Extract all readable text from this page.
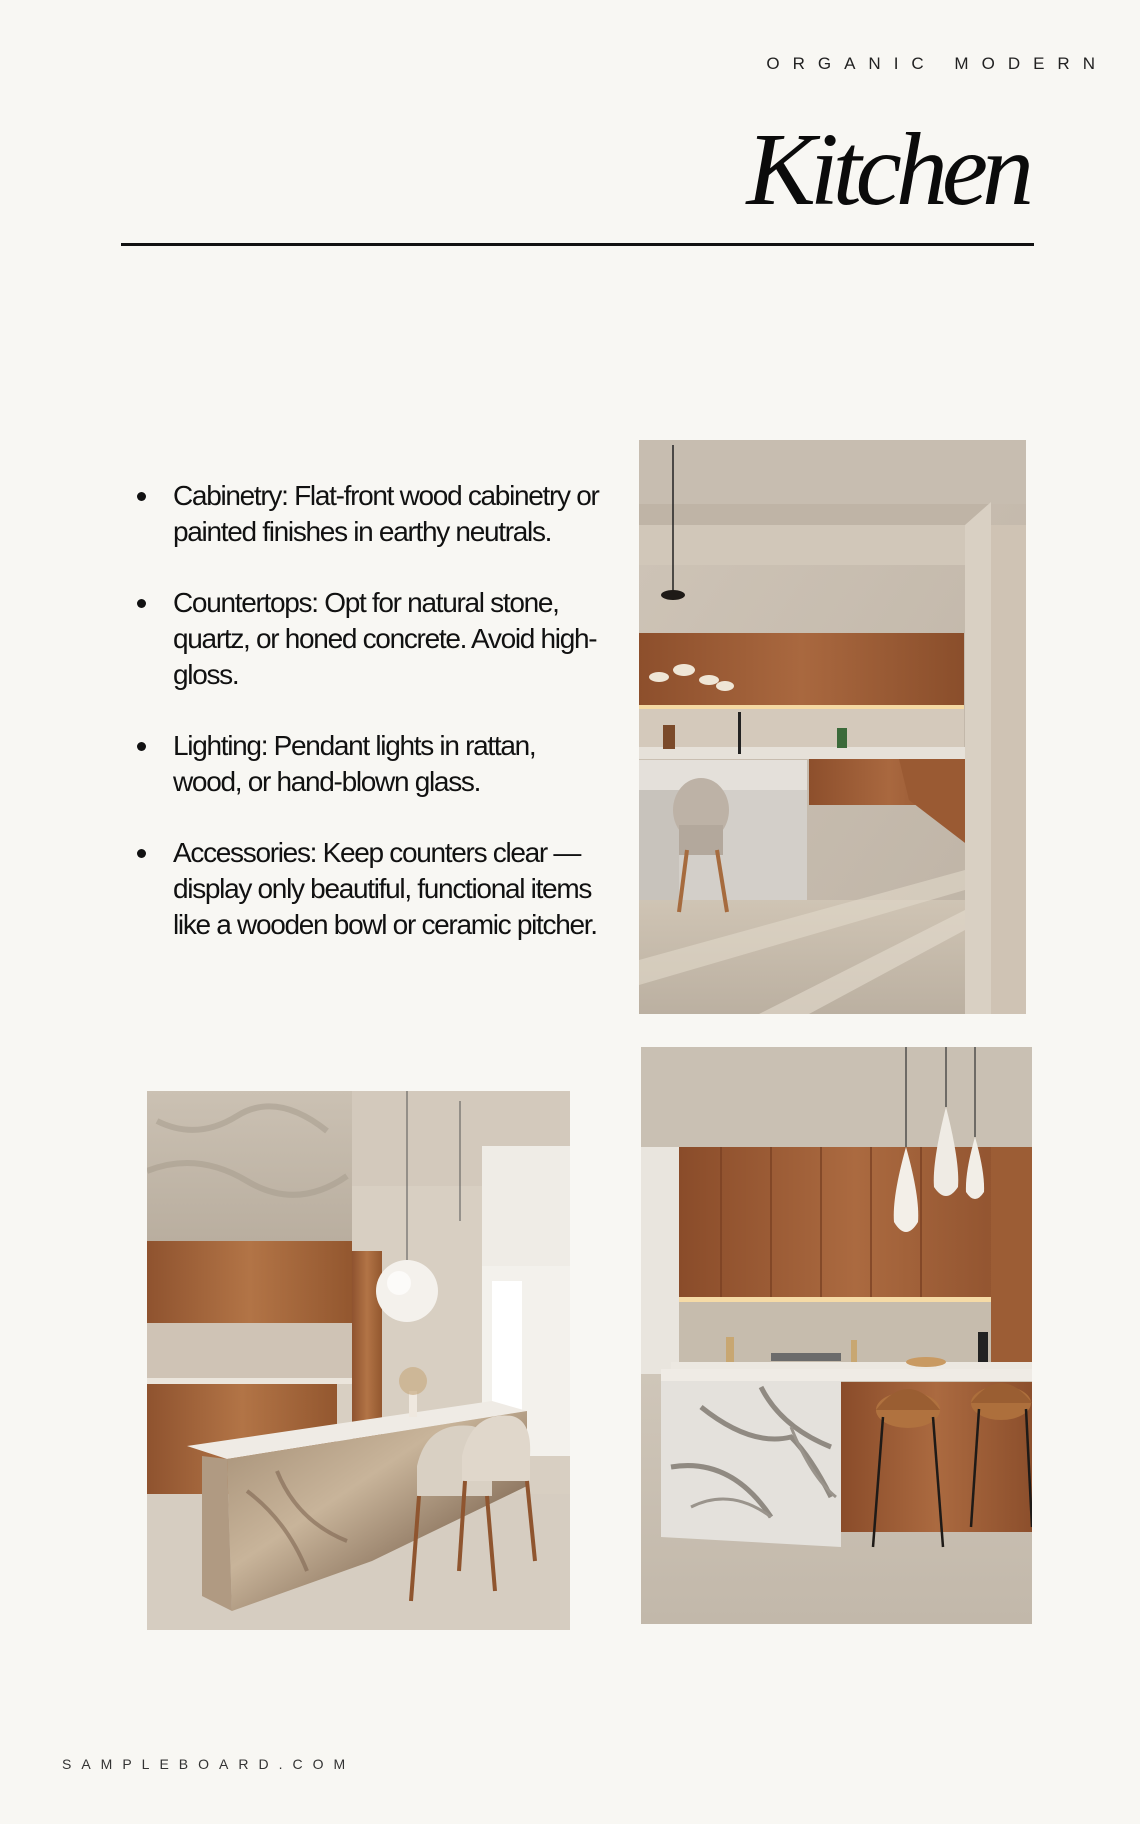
ORGANIC MODERN
Kitchen
Cabinetry: Flat-front wood cabinetry or painted finishes in earthy neutrals.
Countertops: Opt for natural stone, quartz, or honed concrete. Avoid high-gloss.
Lighting: Pendant lights in rattan, wood, or hand-blown glass.
Accessories: Keep counters clear —display only beautiful, functional items like a wooden bowl or ceramic pitcher.
SAMPLEBOARD.COM
